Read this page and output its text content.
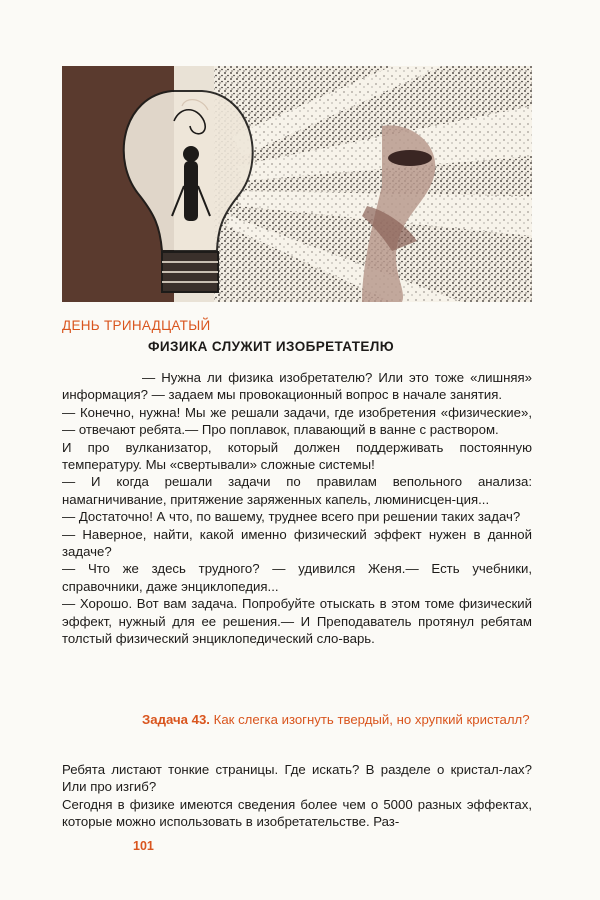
ДЕНЬ ТРИНАДЦАТЫЙ
ФИЗИКА СЛУЖИТ ИЗОБРЕТАТЕЛЮ

— Нужна ли физика изобретателю? Или это тоже «лишняя» информация? — задаем мы провокационный вопрос в начале занятия.

— Конечно, нужна! Мы же решали задачи, где изобретения «физические»,— отвечают ребята.— Про поплавок, плавающий в ванне с раствором.

И про вулканизатор, который должен поддерживать постоянную температуру. Мы «свертывали» сложные системы!

— И когда решали задачи по правилам вепольного анализа: намагничивание, притяжение заряженных капель, люминисцен-ция...

— Достаточно! А что, по вашему, труднее всего при решении таких задач?

— Наверное, найти, какой именно физический эффект нужен в данной задаче?

— Что же здесь трудного? — удивился Женя.— Есть учебники, справочники, даже энциклопедия...

— Хорошо. Вот вам задача. Попробуйте отыскать в этом томе физический эффект, нужный для ее решения.— И Преподаватель протянул ребятам толстый физический энциклопедический сло-варь.

Задача 43. Как слегка изогнуть твердый, но хрупкий кристалл?

Ребята листают тонкие страницы. Где искать? В разделе о кристал-лах? Или про изгиб?

Сегодня в физике имеются сведения более чем о 5000 разных эффектах, которые можно использовать в изобретательстве. Раз-

101
